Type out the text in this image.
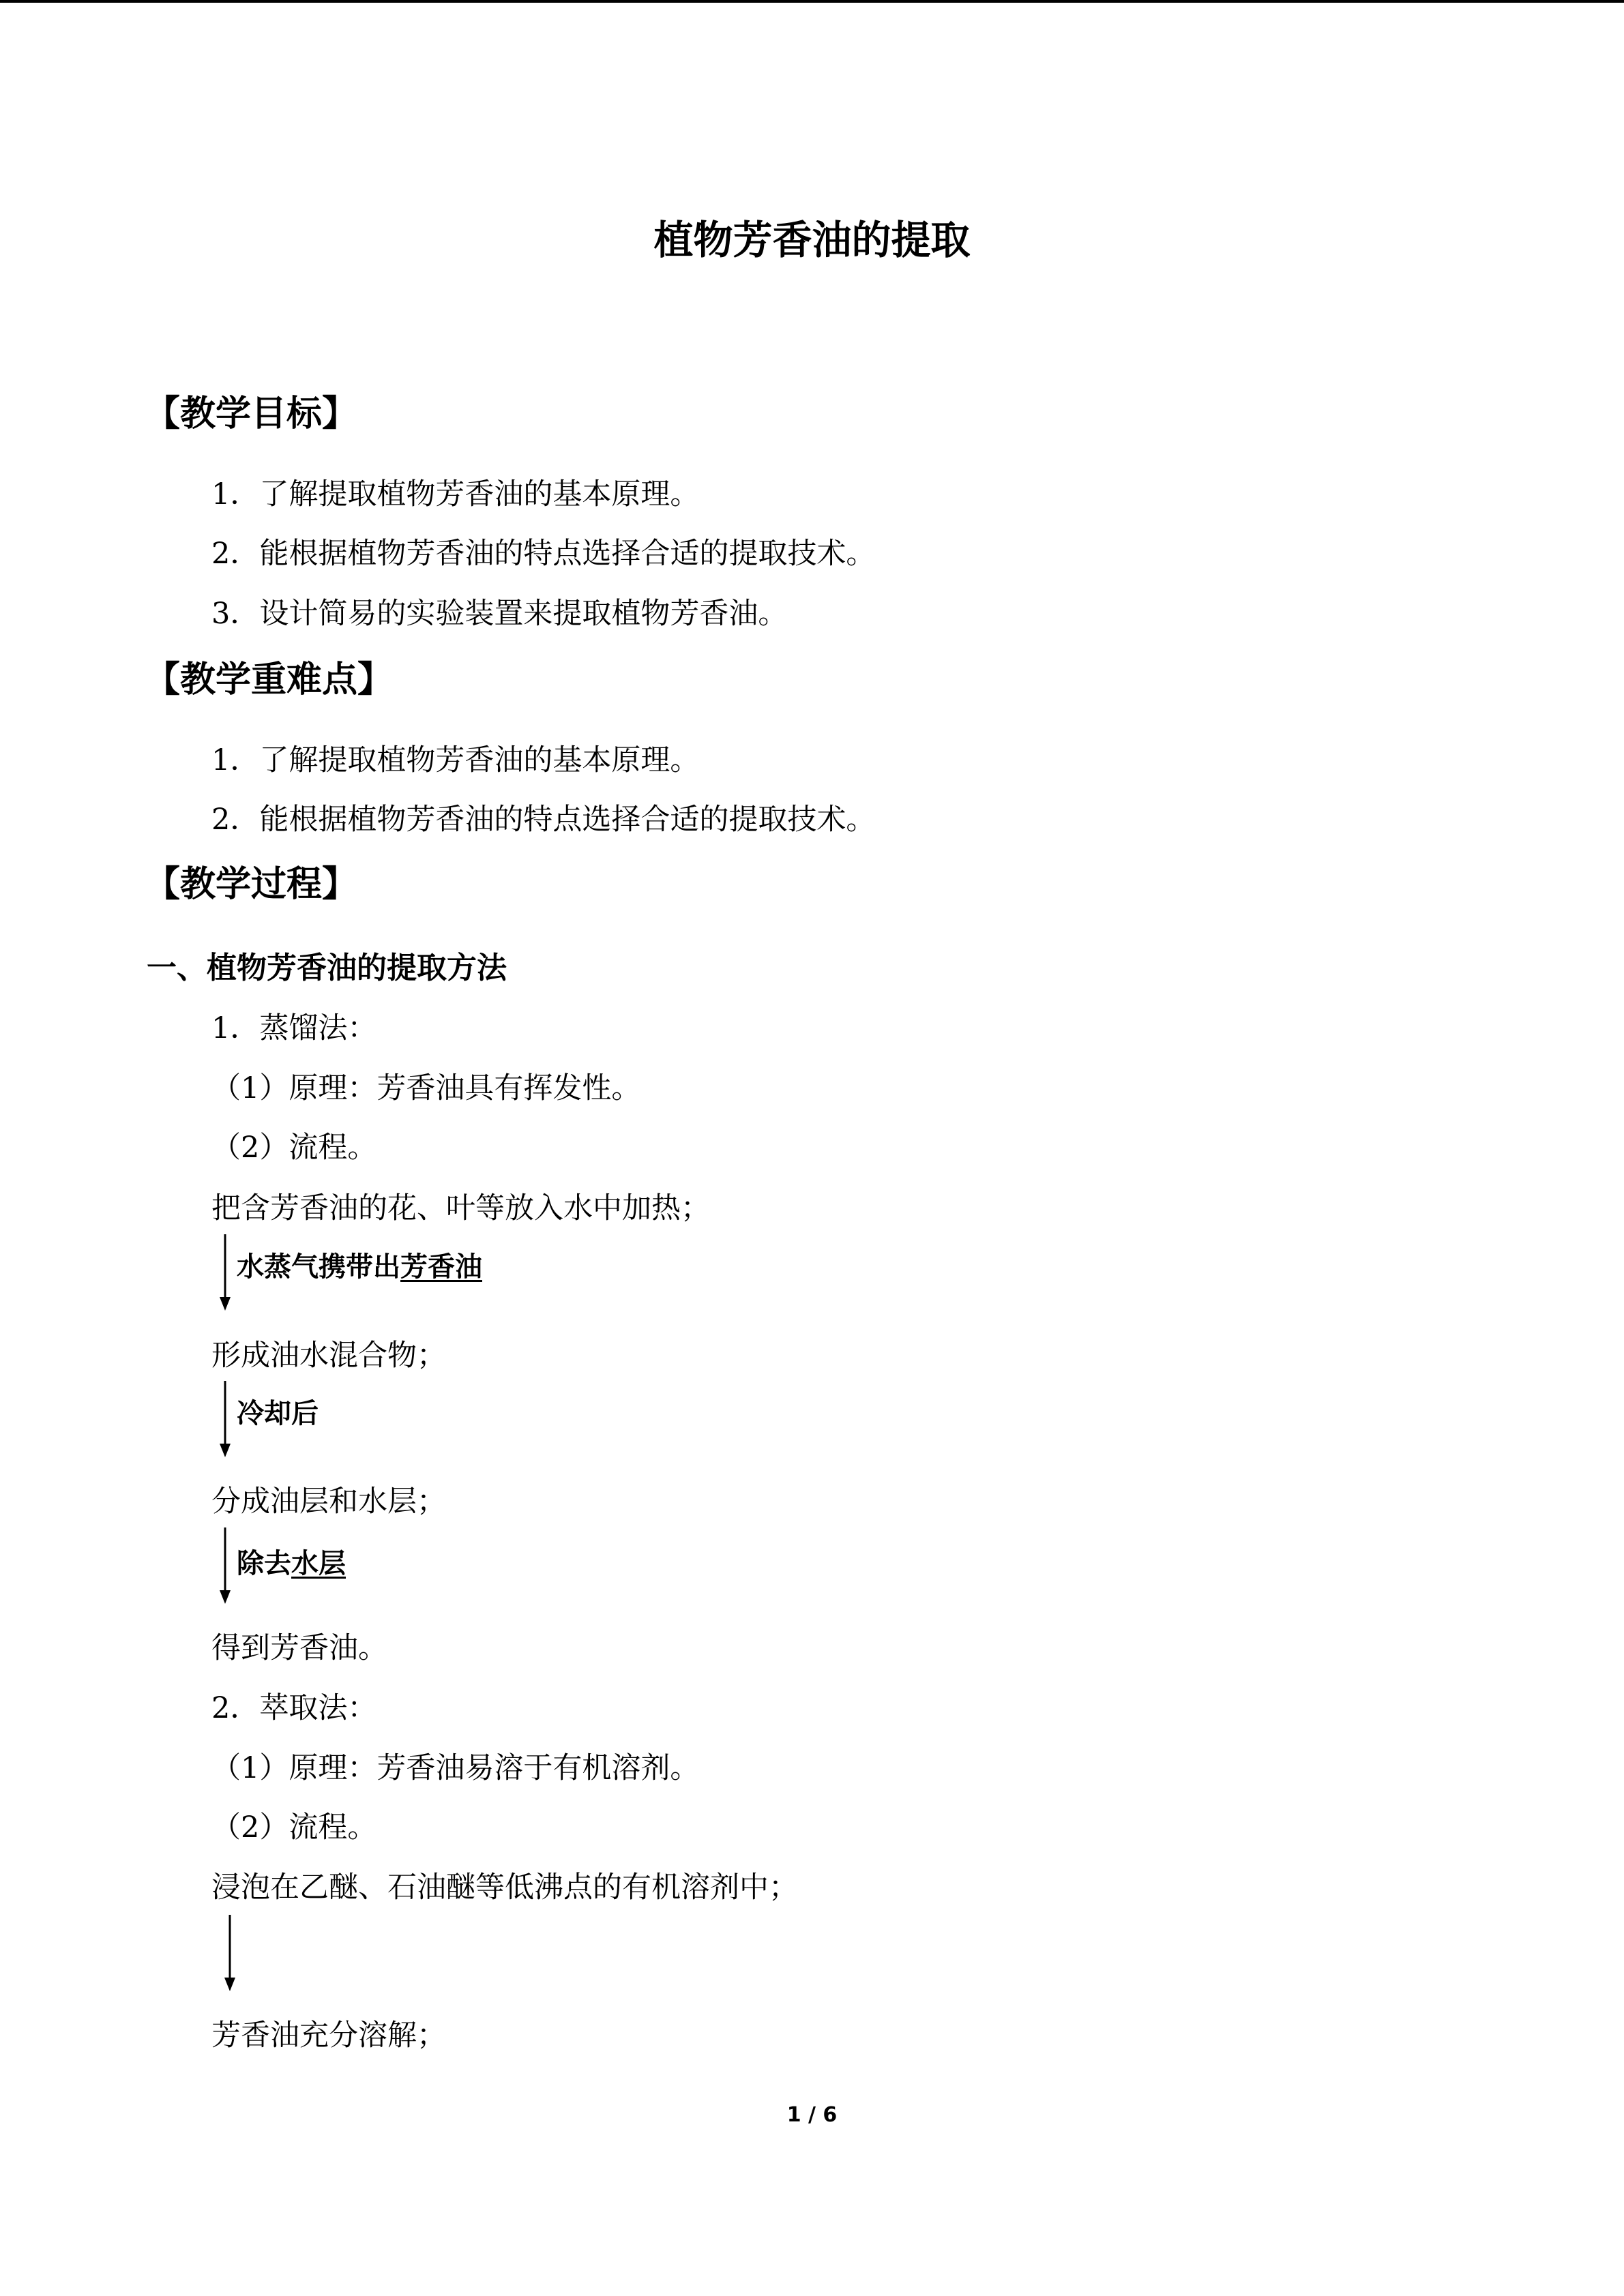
植物芳香油的提取
【教学目标】
1．了解提取植物芳香油的基本原理。
2．能根据植物芳香油的特点选择合适的提取技术。
3．设计简易的实验装置来提取植物芳香油。
【教学重难点】
1．了解提取植物芳香油的基本原理。
2．能根据植物芳香油的特点选择合适的提取技术。
【教学过程】
一、植物芳香油的提取方法
1．蒸馏法：
（1）原理：芳香油具有挥发性。
（2）流程。
把含芳香油的花、叶等放入水中加热；
水蒸气携带出芳香油
形成油水混合物；
冷却后
分成油层和水层；
除去水层
得到芳香油。
2．萃取法：
（1）原理：芳香油易溶于有机溶剂。
（2）流程。
浸泡在乙醚、石油醚等低沸点的有机溶剂中；
芳香油充分溶解；
1 / 6
